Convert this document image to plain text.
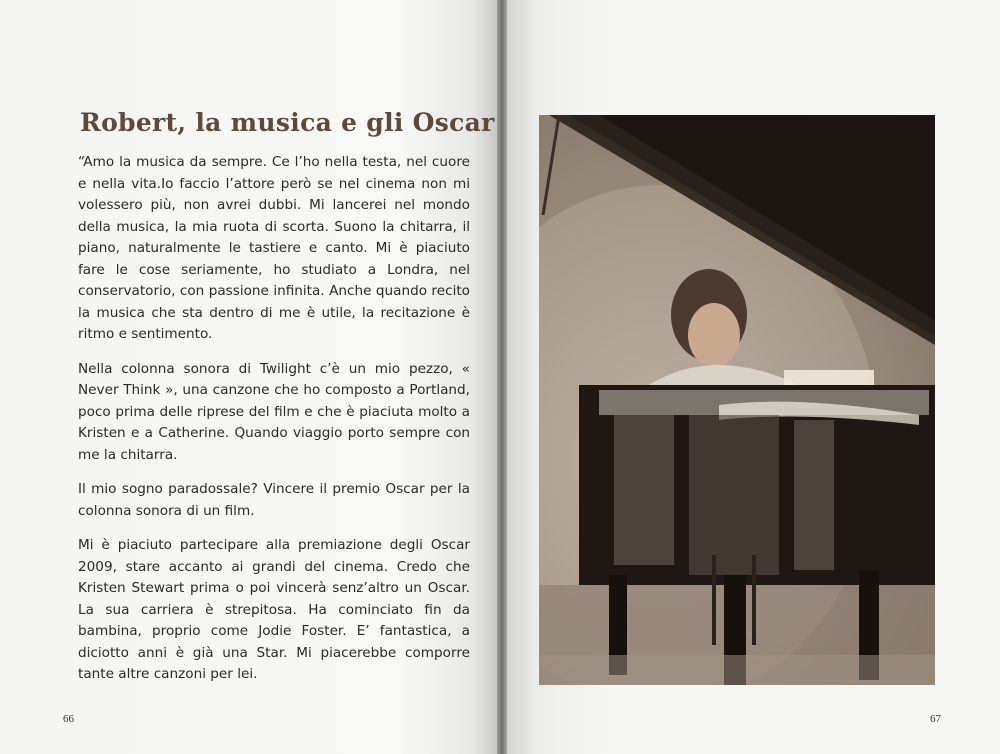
Robert, la musica e gli Oscar

“Amo la musica da sempre. Ce l’ho nella testa, nel cuore e nella vita.Io faccio l’attore però se nel cinema non mi volessero più, non avrei dubbi. Mi lancerei nel mondo della musica, la mia ruota di scorta. Suono la chitarra, il piano, naturalmente le tastiere e canto. Mi è piaciuto fare le cose seriamente, ho studiato a Londra, nel conservatorio, con passione infinita. Anche quando recito la musica che sta dentro di me è utile, la recitazione è ritmo e sentimento.

Nella colonna sonora di Twilight c’è un mio pezzo, « Never Think », una canzone che ho composto a Portland, poco prima delle riprese del film e che è piaciuta molto a Kristen e a Catherine. Quando viaggio porto sempre con me la chitarra.

Il mio sogno paradossale? Vincere il premio Oscar per la colonna sonora di un film.

Mi è piaciuto partecipare alla premiazione degli Oscar 2009, stare accanto ai grandi del cinema. Credo che Kristen Stewart prima o poi vincerà senz’altro un Oscar. La sua carriera è strepitosa. Ha cominciato fin da bambina, proprio come Jodie Foster. E’ fantastica, a diciotto anni è già una Star. Mi piacerebbe comporre tante altre canzoni per lei.

66	67
